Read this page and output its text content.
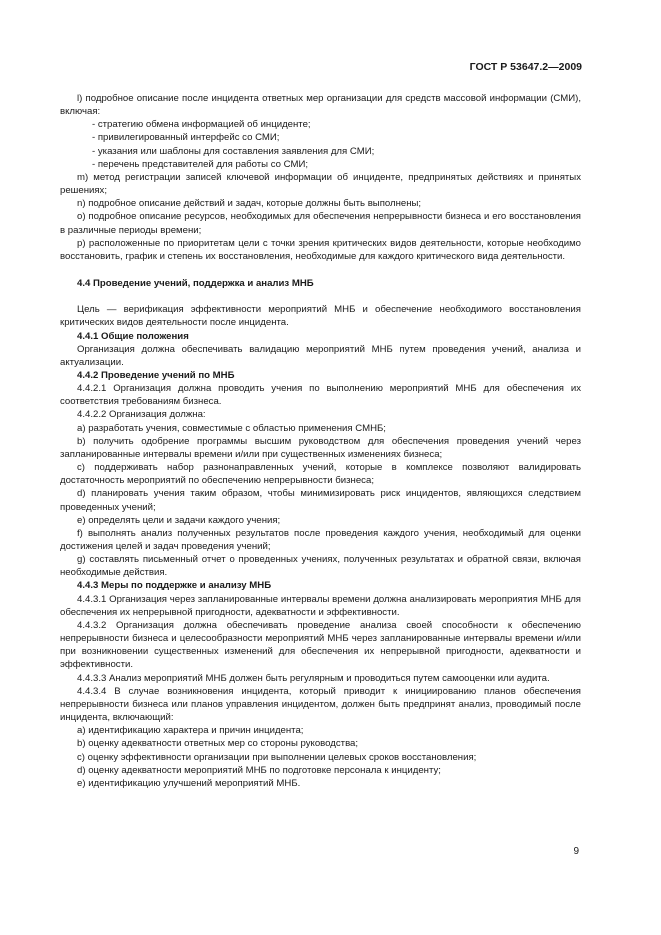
ГОСТ Р 53647.2—2009

l) подробное описание после инцидента ответных мер организации для средств массовой информации (СМИ), включая:

- стратегию обмена информацией об инциденте;

- привилегированный интерфейс со СМИ;

- указания или шаблоны для составления заявления для СМИ;

- перечень представителей для работы со СМИ;

m) метод регистрации записей ключевой информации об инциденте, предпринятых действиях и принятых решениях;

n) подробное описание действий и задач, которые должны быть выполнены;

o) подробное описание ресурсов, необходимых для обеспечения непрерывности бизнеса и его восстановления в различные периоды времени;

p) расположенные по приоритетам цели с точки зрения критических видов деятельности, которые необходимо восстановить, график и степень их восстановления, необходимые для каждого критического вида деятельности.

4.4 Проведение учений, поддержка и анализ МНБ

Цель — верификация эффективности мероприятий МНБ и обеспечение необходимого восстановления критических видов деятельности после инцидента.

4.4.1 Общие положения

Организация должна обеспечивать валидацию мероприятий МНБ путем проведения учений, анализа и актуализации.

4.4.2 Проведение учений по МНБ

4.4.2.1 Организация должна проводить учения по выполнению мероприятий МНБ для обеспечения их соответствия требованиям бизнеса.

4.4.2.2 Организация должна:

a) разработать учения, совместимые с областью применения СМНБ;

b) получить одобрение программы высшим руководством для обеспечения проведения учений через запланированные интервалы времени и/или при существенных изменениях бизнеса;

c) поддерживать набор разнонаправленных учений, которые в комплексе позволяют валидировать достаточность мероприятий по обеспечению непрерывности бизнеса;

d) планировать учения таким образом, чтобы минимизировать риск инцидентов, являющихся следствием проведенных учений;

e) определять цели и задачи каждого учения;

f) выполнять анализ полученных результатов после проведения каждого учения, необходимый для оценки достижения целей и задач проведения учений;

g) составлять письменный отчет о проведенных учениях, полученных результатах и обратной связи, включая необходимые действия.

4.4.3 Меры по поддержке и анализу МНБ

4.4.3.1 Организация через запланированные интервалы времени должна анализировать мероприятия МНБ для обеспечения их непрерывной пригодности, адекватности и эффективности.

4.4.3.2 Организация должна обеспечивать проведение анализа своей способности к обеспечению непрерывности бизнеса и целесообразности мероприятий МНБ через запланированные интервалы времени и/или при возникновении существенных изменений для обеспечения их непрерывной пригодности, адекватности и эффективности.

4.4.3.3 Анализ мероприятий МНБ должен быть регулярным и проводиться путем самооценки или аудита.

4.4.3.4 В случае возникновения инцидента, который приводит к инициированию планов обеспечения непрерывности бизнеса или планов управления инцидентом, должен быть предпринят анализ, проводимый после инцидента, включающий:

a) идентификацию характера и причин инцидента;

b) оценку адекватности ответных мер со стороны руководства;

c) оценку эффективности организации при выполнении целевых сроков восстановления;

d) оценку адекватности мероприятий МНБ по подготовке персонала к инциденту;

e) идентификацию улучшений мероприятий МНБ.

9
